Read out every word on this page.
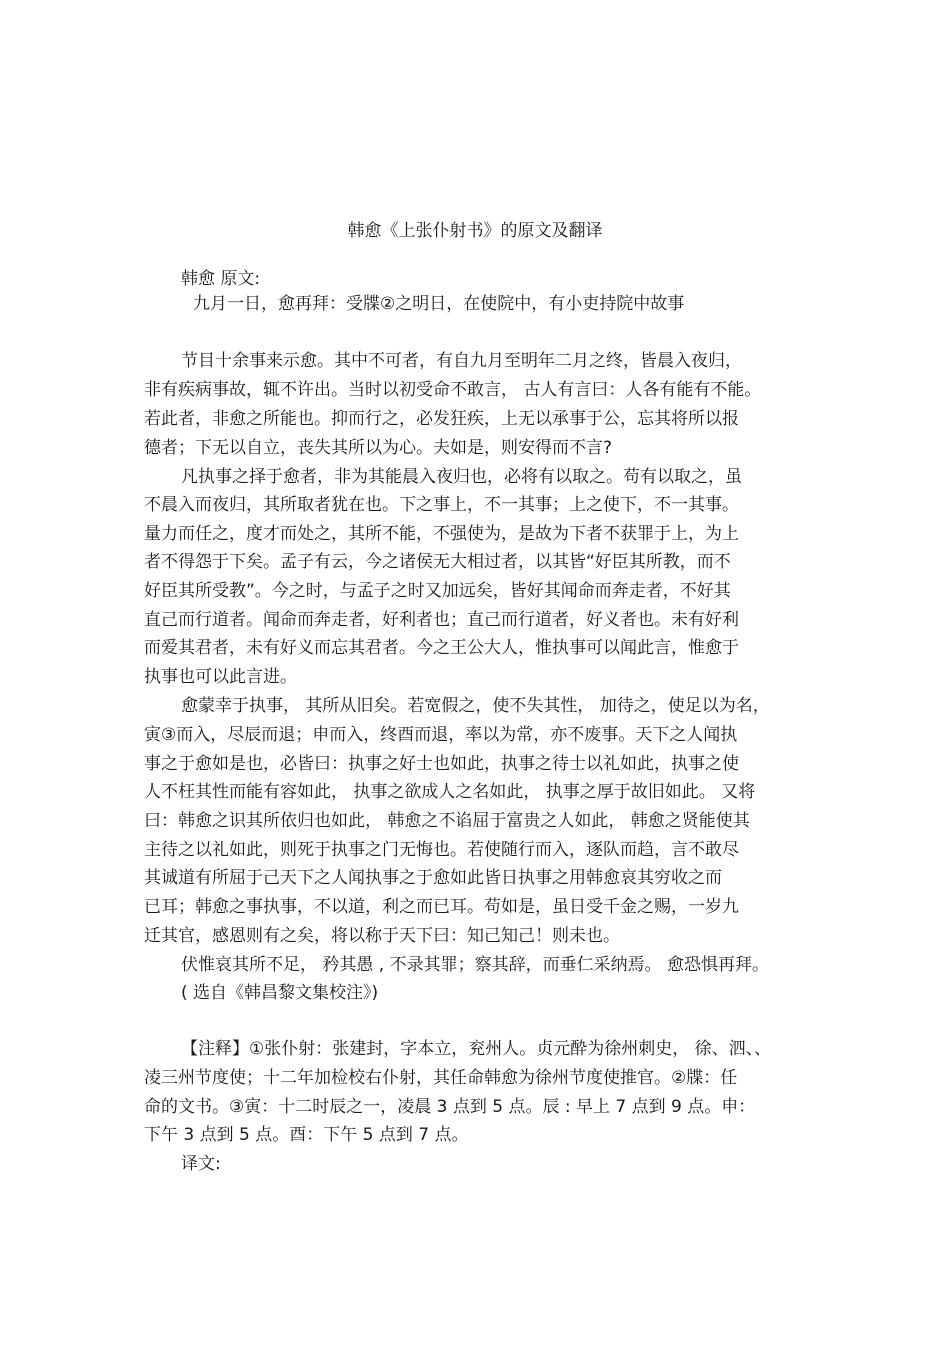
韩愈《上张仆射书》的原文及翻译
韩愈 原文:
九月一日，愈再拜：受牒②之明日，在使院中，有小吏持院中故事
节目十余事来示愈。其中不可者，有自九月至明年二月之终，皆晨入夜归，
非有疾病事故，辄不许出。当时以初受命不敢言， 古人有言曰：人各有能有不能。
若此者，非愈之所能也。抑而行之，必发狂疾，上无以承事于公，忘其将所以报
德者；下无以自立，丧失其所以为心。夫如是，则安得而不言?
凡执事之择于愈者，非为其能晨入夜归也，必将有以取之。苟有以取之，虽
不晨入而夜归，其所取者犹在也。下之事上，不一其事；上之使下，不一其事。
量力而任之，度才而处之，其所不能，不强使为，是故为下者不获罪于上，为上
者不得怨于下矣。孟子有云，今之诸侯无大相过者，以其皆“好臣其所教，而不
好臣其所受教”。今之时，与孟子之时又加远矣，皆好其闻命而奔走者，不好其
直己而行道者。闻命而奔走者，好利者也；直己而行道者，好义者也。未有好利
而爱其君者，未有好义而忘其君者。今之王公大人，惟执事可以闻此言，惟愈于
执事也可以此言进。
愈蒙幸于执事， 其所从旧矣。若宽假之，使不失其性， 加待之，使足以为名，
寅③而入，尽辰而退；申而入，终酉而退，率以为常，亦不废事。天下之人闻执
事之于愈如是也，必皆曰：执事之好士也如此，执事之待士以礼如此，执事之使
人不枉其性而能有容如此， 执事之欲成人之名如此， 执事之厚于故旧如此。 又将
曰：韩愈之识其所依归也如此， 韩愈之不谄屈于富贵之人如此， 韩愈之贤能使其
主待之以礼如此，则死于执事之门无悔也。若使随行而入，逐队而趋，言不敢尽
其诚道有所屈于己天下之人闻执事之于愈如此皆日执事之用韩愈哀其穷收之而
已耳；韩愈之事执事，不以道，利之而已耳。苟如是，虽日受千金之赐，一岁九
迁其官，感恩则有之矣，将以称于天下曰：知己知己！则未也。
伏惟哀其所不足， 矜其愚 , 不录其罪；察其辞，而垂仁采纳焉。 愈恐惧再拜。
( 选自《韩昌黎文集校注》)
【注释】①张仆射：张建封，字本立，兖州人。贞元酔为徐州刺史， 徐、泗、、
凌三州节度使；十二年加检校右仆射，其任命韩愈为徐州节度使推官。②牒：任
命的文书。③寅：十二时辰之一，凌晨 3 点到 5 点。辰 : 早上 7 点到 9 点。申：
下午 3 点到 5 点。酉：下午 5 点到 7 点。
译文:
